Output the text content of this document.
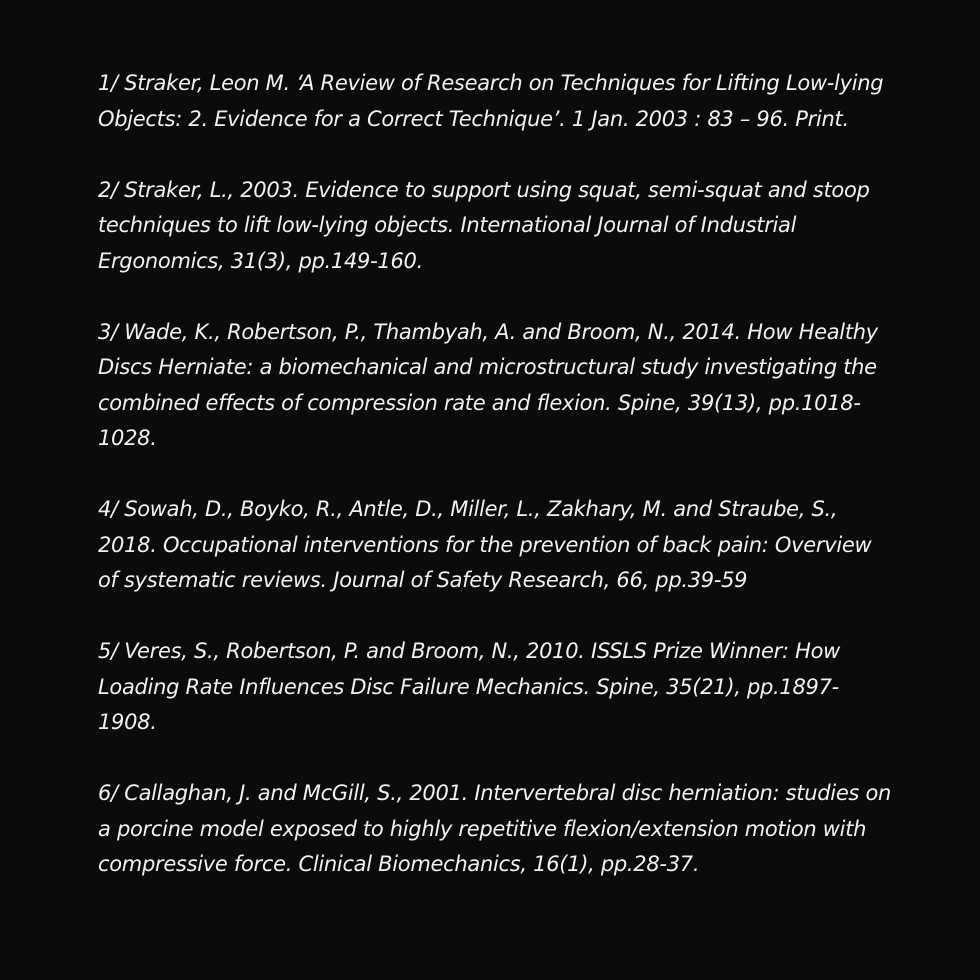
1/ Straker, Leon M. ‘A Review of Research on Techniques for Lifting Low-lying Objects: 2. Evidence for a Correct Technique’. 1 Jan. 2003 : 83 – 96. Print.
2/ Straker, L., 2003. Evidence to support using squat, semi-squat and stoop techniques to lift low-lying objects. International Journal of Industrial Ergonomics, 31(3), pp.149-160.
3/ Wade, K., Robertson, P., Thambyah, A. and Broom, N., 2014. How Healthy Discs Herniate: a biomechanical and microstructural study investigating the combined effects of compression rate and flexion. Spine, 39(13), pp.1018-1028.
4/ Sowah, D., Boyko, R., Antle, D., Miller, L., Zakhary, M. and Straube, S., 2018. Occupational interventions for the prevention of back pain: Overview of systematic reviews. Journal of Safety Research, 66, pp.39-59
5/ Veres, S., Robertson, P. and Broom, N., 2010. ISSLS Prize Winner: How Loading Rate Influences Disc Failure Mechanics. Spine, 35(21), pp.1897-1908.
6/ Callaghan, J. and McGill, S., 2001. Intervertebral disc herniation: studies on a porcine model exposed to highly repetitive flexion/extension motion with compressive force. Clinical Biomechanics, 16(1), pp.28-37.
